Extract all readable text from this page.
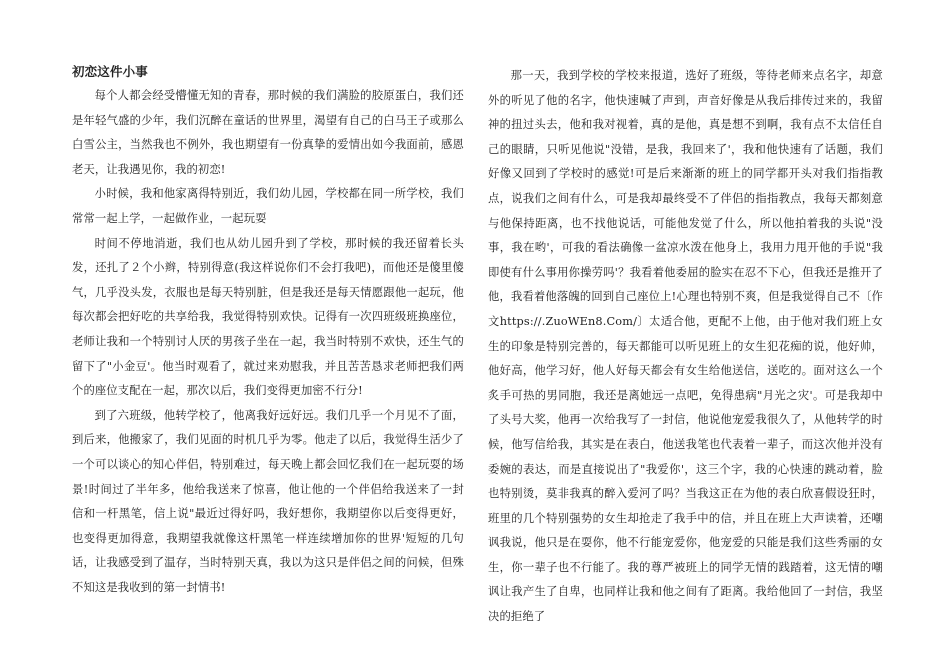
初恋这件小事

每个人都会经受懵懂无知的青春，那时候的我们满脸的胶原蛋白，我们还是年轻气盛的少年，我们沉醉在童话的世界里，渴望有自己的白马王子或那么白雪公主，当然我也不例外，我也期望有一份真挚的爱情出如今我面前，感恩老天，让我遇见你，我的初恋!

小时候，我和他家离得特别近，我们幼儿园，学校都在同一所学校，我们常常一起上学，一起做作业，一起玩耍

时间不停地消逝，我们也从幼儿园升到了学校，那时候的我还留着长头发，还扎了２个小辫，特别得意(我这样说你们不会打我吧)，而他还是傻里傻气，几乎没头发，衣服也是每天特别脏，但是我还是每天情愿跟他一起玩，他每次都会把好吃的共享给我，我觉得特别欢快。记得有一次四班级班换座位，老师让我和一个特别讨人厌的男孩子坐在一起，我当时特别不欢快，还生气的留下了"小金豆'。他当时观看了，就过来劝慰我，并且苦苦恳求老师把我们两个的座位支配在一起，那次以后，我们变得更加密不行分!

到了六班级，他转学校了，他离我好远好远。我们几乎一个月见不了面，到后来，他搬家了，我们见面的时机几乎为零。他走了以后，我觉得生活少了一个可以谈心的知心伴侣，特别难过，每天晚上都会回忆我们在一起玩耍的场景!时间过了半年多，他给我送来了惊喜，他让他的一个伴侣给我送来了一封信和一杆黑笔，信上说"最近过得好吗，我好想你，我期望你以后变得更好，也变得更加得意，我期望我就像这杆黑笔一样连续增加你的世界'短短的几句话，让我感受到了温存，当时特别天真，我以为这只是伴侣之间的问候，但殊不知这是我收到的第一封情书!

那一天，我到学校的学校来报道，选好了班级，等待老师来点名字，却意外的听见了他的名字，他快速喊了声到，声音好像是从我后排传过来的，我留神的扭过头去，他和我对视着，真的是他，真是想不到啊，我有点不太信任自己的眼睛，只听见他说"没错，是我，我回来了'，我和他快速有了话题，我们好像又回到了学校时的感觉!可是后来渐渐的班上的同学都开头对我们指指教点，说我们之间有什么，可是我却最终受不了伴侣的指指教点，我每天都刻意与他保持距离，也不找他说话，可能他发觉了什么，所以他拍着我的头说"没事，我在哟'，可我的看法确像一盆凉水泼在他身上，我用力甩开他的手说"我即使有什么事用你操劳吗'？我看着他委屈的脸实在忍不下心，但我还是推开了他，我看着他落魄的回到自己座位上!心理也特别不爽，但是我觉得自己不〔作文https://.ZuoWEn8.Com/〕太适合他，更配不上他，由于他对我们班上女生的印象是特别完善的，每天都能可以听见班上的女生犯花痴的说，他好帅，他好高，他学习好，他人好每天都会有女生给他送信，送吃的。面对这么一个炙手可热的男同胞，我还是离她远一点吧，免得患病"月光之灾'。可是我却中了头号大奖，他再一次给我写了一封信，他说他宠爱我很久了，从他转学的时候，他写信给我，其实是在表白，他送我笔也代表着一辈子，而这次他并没有委婉的表达，而是直接说出了"我爱你'，这三个字，我的心快速的跳动着，脸也特别烫，莫非我真的醉入爱河了吗？当我这正在为他的表白欣喜假设狂时，班里的几个特别强势的女生却抢走了我手中的信，并且在班上大声读着，还嘲讽我说，他只是在耍你，他不行能宠爱你，他宠爱的只能是我们这些秀丽的女生，你一辈子也不行能了。我的尊严被班上的同学无情的践踏着，这无情的嘲讽让我产生了自卑，也同样让我和他之间有了距离。我给他回了一封信，我坚决的拒绝了
